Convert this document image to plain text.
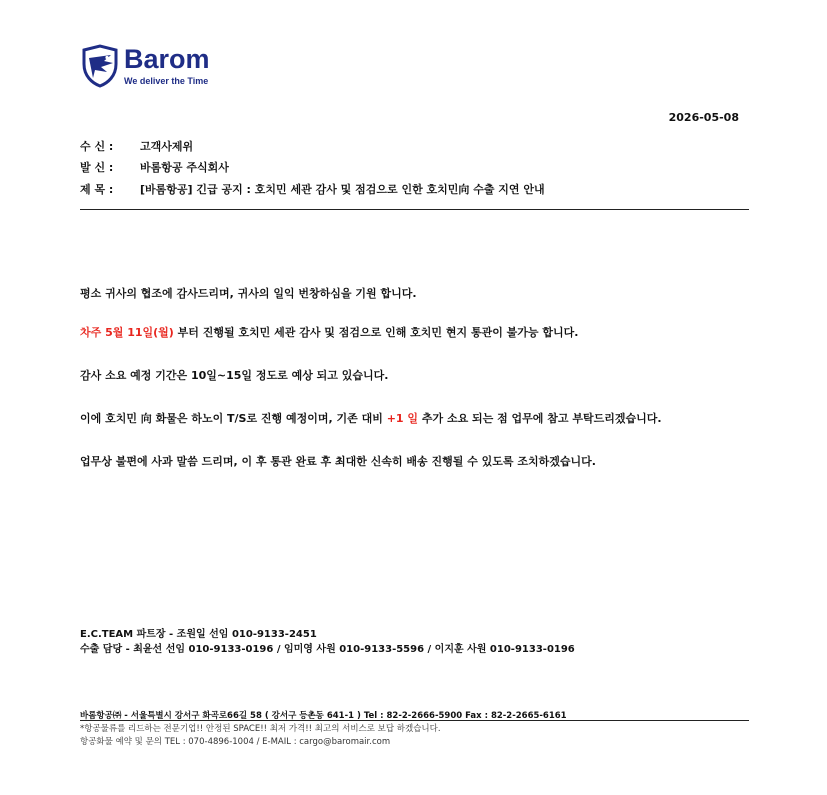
Barom
We deliver the Time
2026-05-08
수 신 : 고객사제위
발 신 : 바롬항공 주식회사
제 목 : [바롬항공] 긴급 공지 : 호치민 세관 감사 및 점검으로 인한 호치민向 수출 지연 안내
평소 귀사의 협조에 감사드리며, 귀사의 일익 번창하심을 기원 합니다.
차주 5월 11일(월) 부터 진행될 호치민 세관 감사 및 점검으로 인해 호치민 현지 통관이 불가능 합니다.
감사 소요 예정 기간은 10일~15일 정도로 예상 되고 있습니다.
이에 호치민 向 화물은 하노이 T/S로 진행 예정이며, 기존 대비 +1 일 추가 소요 되는 점 업무에 참고 부탁드리겠습니다.
업무상 불편에 사과 말씀 드리며, 이 후 통관 완료 후 최대한 신속히 배송 진행될 수 있도록 조치하겠습니다.
E.C.TEAM 파트장 - 조원일 선임 010-9133-2451
수출 담당 - 최윤선 선임 010-9133-0196 / 임미영 사원 010-9133-5596 / 이지훈 사원 010-9133-0196
바롬항공㈜ - 서울특별시 강서구 화곡로66길 58 ( 강서구 등촌동 641-1 ) Tel : 82-2-2666-5900 Fax : 82-2-2665-6161
*항공물류를 리드하는 전문기업!! 안정된 SPACE!! 최저 가격!! 최고의 서비스로 보답 하겠습니다.
항공화물 예약 및 문의 TEL : 070-4896-1004 / E-MAIL : cargo@baromair.com
